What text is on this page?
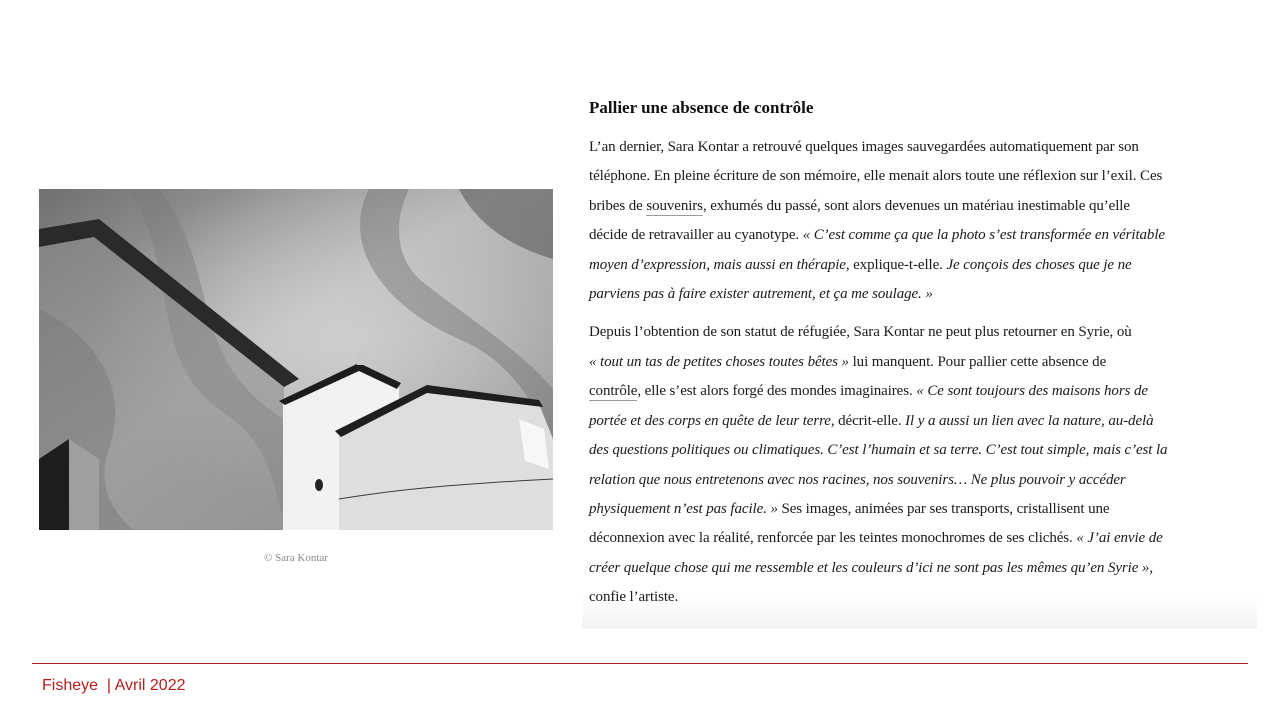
© Sara Kontar
Pallier une absence de contrôle
L’an dernier, Sara Kontar a retrouvé quelques images sauvegardées automatiquement par son
téléphone. En pleine écriture de son mémoire, elle menait alors toute une réflexion sur l’exil. Ces
bribes de souvenirs, exhumés du passé, sont alors devenues un matériau inestimable qu’elle
décide de retravailler au cyanotype. « C’est comme ça que la photo s’est transformée en véritable
moyen d’expression, mais aussi en thérapie, explique-t-elle. Je conçois des choses que je ne
parviens pas à faire exister autrement, et ça me soulage. »
Depuis l’obtention de son statut de réfugiée, Sara Kontar ne peut plus retourner en Syrie, où
« tout un tas de petites choses toutes bêtes » lui manquent. Pour pallier cette absence de
contrôle, elle s’est alors forgé des mondes imaginaires. « Ce sont toujours des maisons hors de
portée et des corps en quête de leur terre, décrit-elle. Il y a aussi un lien avec la nature, au-delà
des questions politiques ou climatiques. C’est l’humain et sa terre. C’est tout simple, mais c’est la
relation que nous entretenons avec nos racines, nos souvenirs… Ne plus pouvoir y accéder
physiquement n’est pas facile. » Ses images, animées par ses transports, cristallisent une
déconnexion avec la réalité, renforcée par les teintes monochromes de ses clichés. « J’ai envie de
créer quelque chose qui me ressemble et les couleurs d’ici ne sont pas les mêmes qu’en Syrie »,
confie l’artiste.
Fisheye  | Avril 2022
